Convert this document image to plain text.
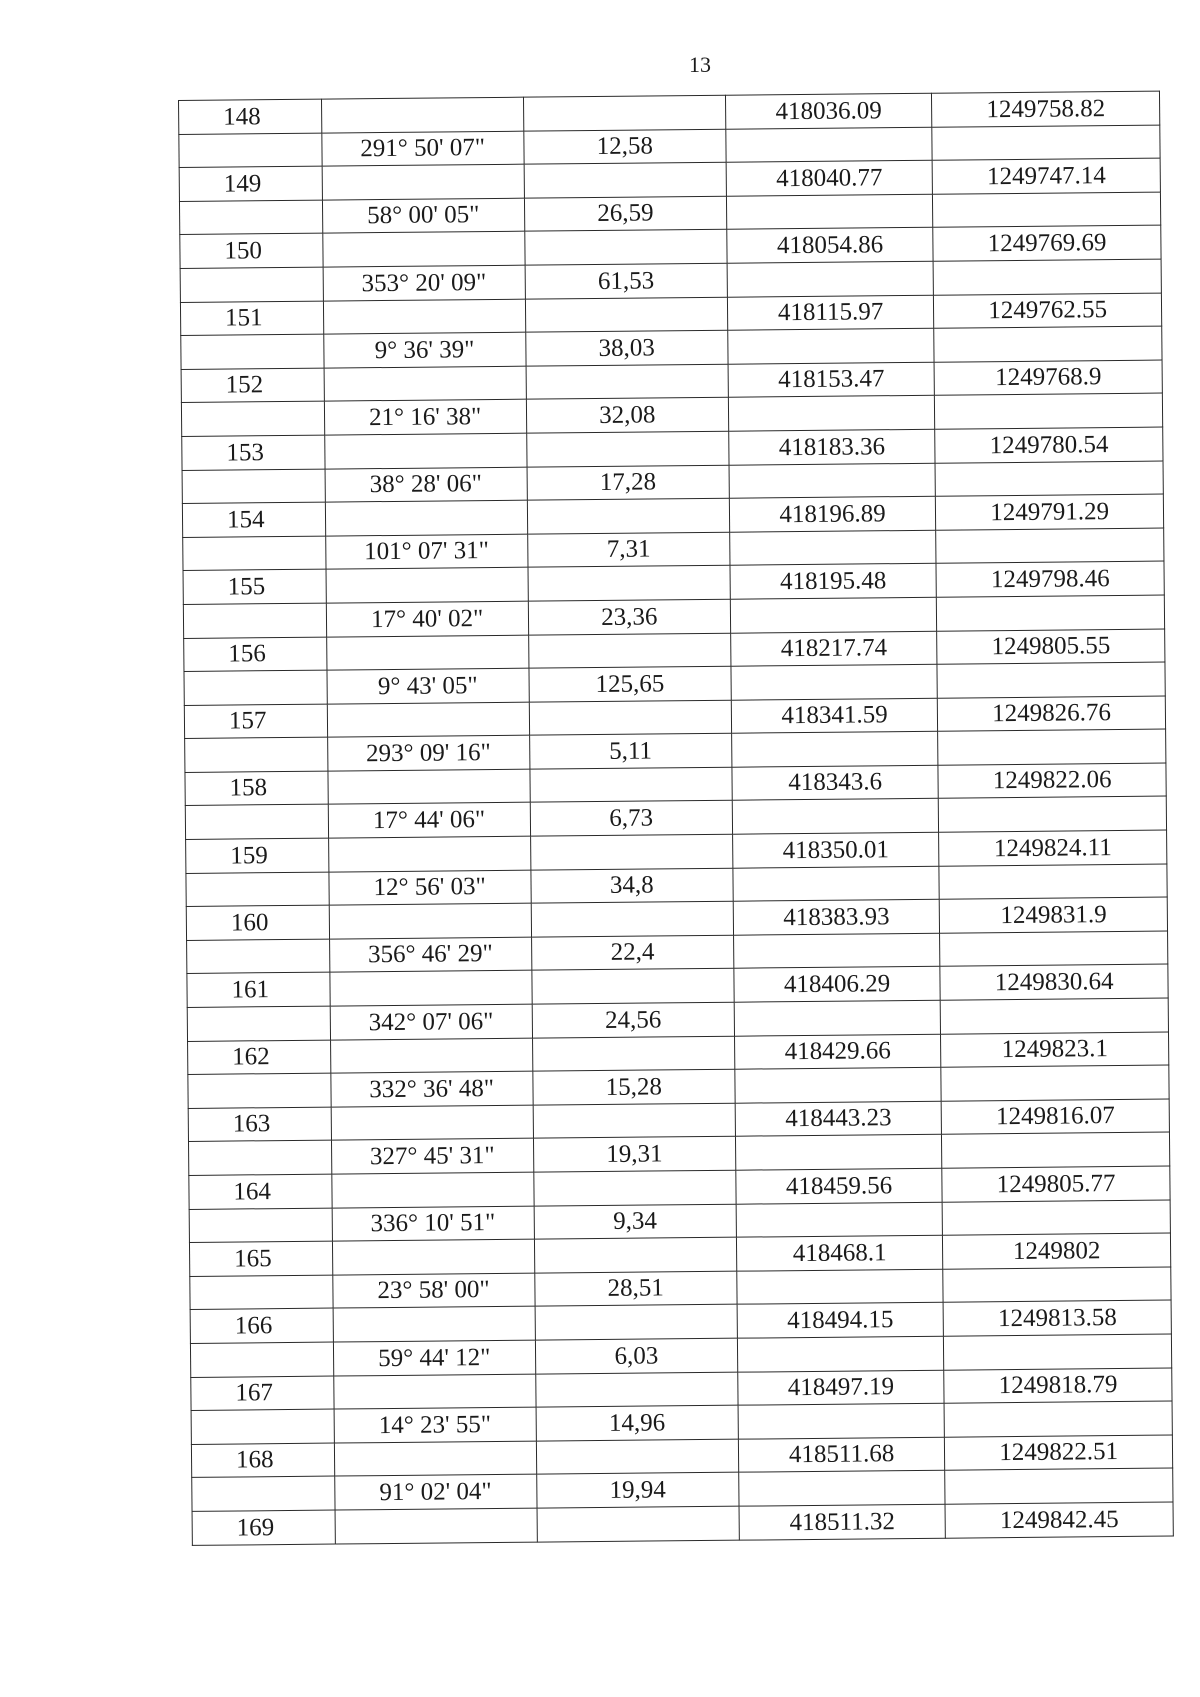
13
148			418036.09	1249758.82
	291° 50' 07"	12,58		
149			418040.77	1249747.14
	58° 00' 05"	26,59		
150			418054.86	1249769.69
	353° 20' 09"	61,53		
151			418115.97	1249762.55
	9° 36' 39"	38,03		
152			418153.47	1249768.9
	21° 16' 38"	32,08		
153			418183.36	1249780.54
	38° 28' 06"	17,28		
154			418196.89	1249791.29
	101° 07' 31"	7,31		
155			418195.48	1249798.46
	17° 40' 02"	23,36		
156			418217.74	1249805.55
	9° 43' 05"	125,65		
157			418341.59	1249826.76
	293° 09' 16"	5,11		
158			418343.6	1249822.06
	17° 44' 06"	6,73		
159			418350.01	1249824.11
	12° 56' 03"	34,8		
160			418383.93	1249831.9
	356° 46' 29"	22,4		
161			418406.29	1249830.64
	342° 07' 06"	24,56		
162			418429.66	1249823.1
	332° 36' 48"	15,28		
163			418443.23	1249816.07
	327° 45' 31"	19,31		
164			418459.56	1249805.77
	336° 10' 51"	9,34		
165			418468.1	1249802
	23° 58' 00"	28,51		
166			418494.15	1249813.58
	59° 44' 12"	6,03		
167			418497.19	1249818.79
	14° 23' 55"	14,96		
168			418511.68	1249822.51
	91° 02' 04"	19,94		
169			418511.32	1249842.45
